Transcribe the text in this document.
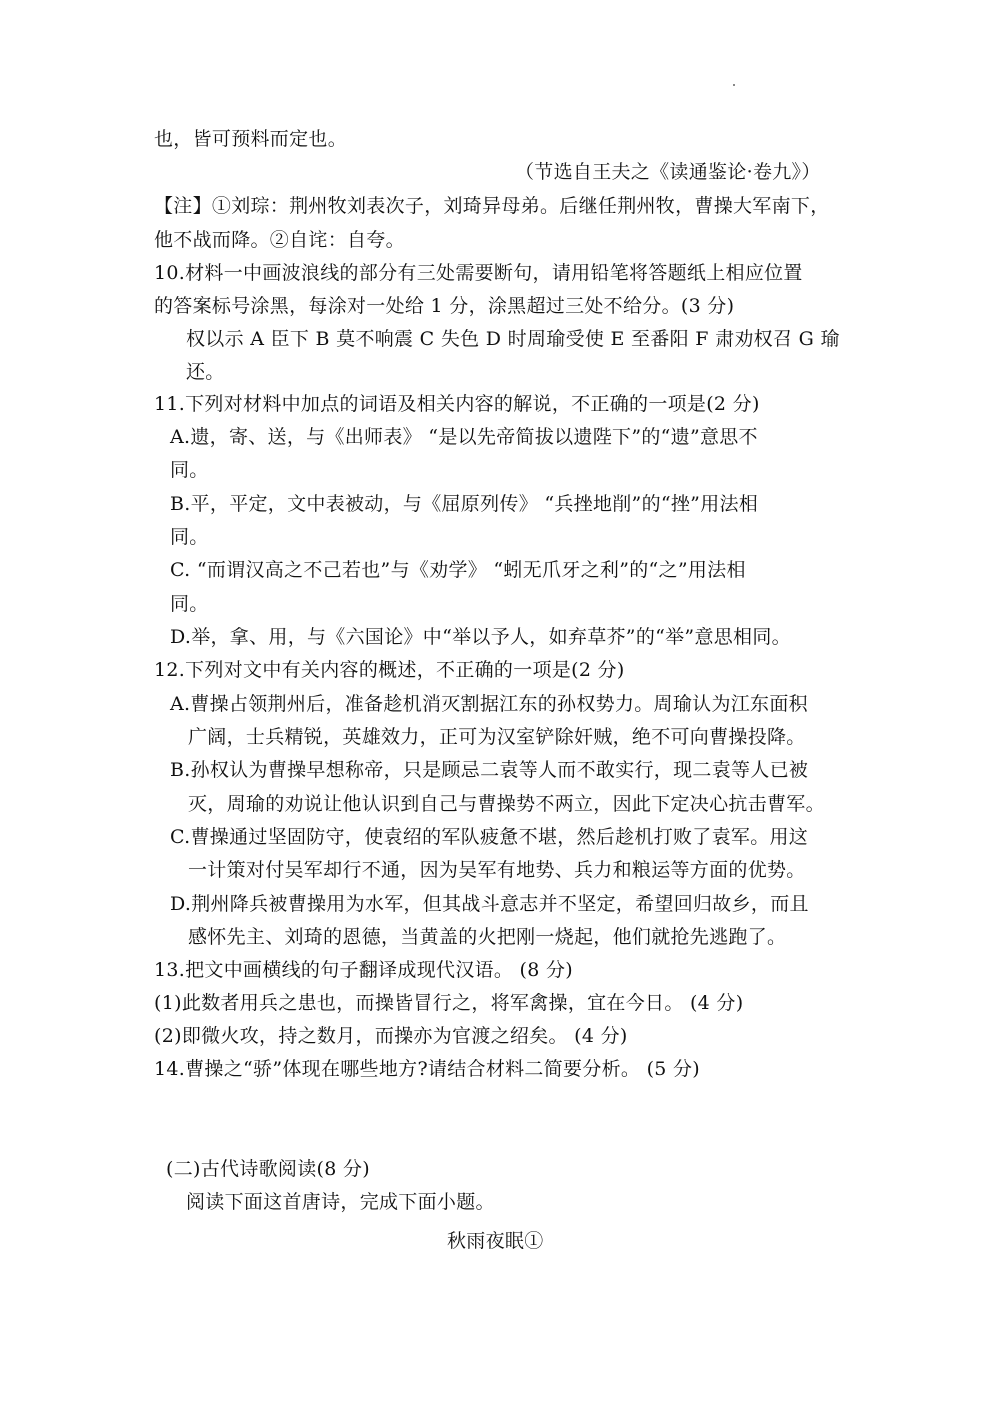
也，皆可预料而定也。
（节选自王夫之《读通鉴论·卷九》）
【注】①刘琮：荆州牧刘表次子，刘琦异母弟。后继任荆州牧，曹操大军南下，
他不战而降。②自诧：自夸。
10.材料一中画波浪线的部分有三处需要断句，请用铅笔将答题纸上相应位置
的答案标号涂黑，每涂对一处给 1 分，涂黑超过三处不给分。(3 分)
权以示 A 臣下 B 莫不响震 C 失色 D 时周瑜受使 E 至番阳 F 肃劝权召 G 瑜
还。
11.下列对材料中加点的词语及相关内容的解说，不正确的一项是(2 分)
A.遗，寄、送，与《出师表》 “是以先帝简拔以遗陛下”的“遗”意思不
同。
B.平，平定，文中表被动，与《屈原列传》 “兵挫地削”的“挫”用法相
同。
C. “而谓汉高之不己若也”与《劝学》 “蚓无爪牙之利”的“之”用法相
同。
D.举，拿、用，与《六国论》中“举以予人，如弃草芥”的“举”意思相同。
12.下列对文中有关内容的概述，不正确的一项是(2 分)
A.曹操占领荆州后，准备趁机消灭割据江东的孙权势力。周瑜认为江东面积
广阔，士兵精锐，英雄效力，正可为汉室铲除奸贼，绝不可向曹操投降。
B.孙权认为曹操早想称帝，只是顾忌二袁等人而不敢实行，现二袁等人已被
灭，周瑜的劝说让他认识到自己与曹操势不两立，因此下定决心抗击曹军。
C.曹操通过坚固防守，使袁绍的军队疲惫不堪，然后趁机打败了袁军。用这
一计策对付吴军却行不通，因为吴军有地势、兵力和粮运等方面的优势。
D.荆州降兵被曹操用为水军，但其战斗意志并不坚定，希望回归故乡，而且
感怀先主、刘琦的恩德，当黄盖的火把刚一烧起，他们就抢先逃跑了。
13.把文中画横线的句子翻译成现代汉语。 (8 分)
(1)此数者用兵之患也，而操皆冒行之，将军禽操，宜在今日。 (4 分)
(2)即微火攻，持之数月，而操亦为官渡之绍矣。 (4 分)
14.曹操之“骄”体现在哪些地方?请结合材料二简要分析。 (5 分)
(二)古代诗歌阅读(8 分)
阅读下面这首唐诗，完成下面小题。
秋雨夜眠①
